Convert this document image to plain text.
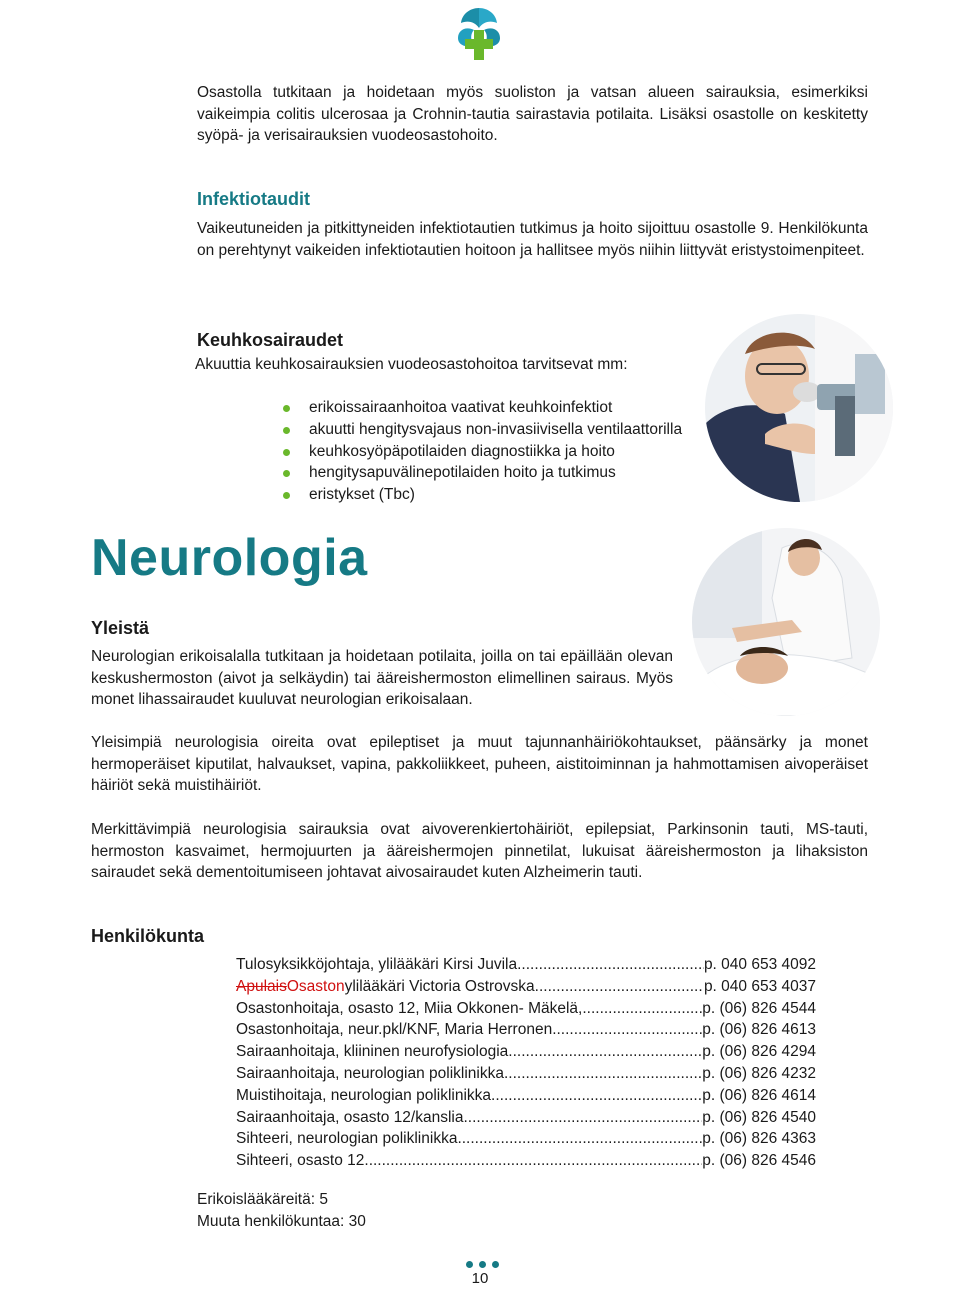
Osastolla tutkitaan ja hoidetaan myös suoliston ja vatsan alueen sairauksia, esimerkiksi vaikeimpia colitis ulcerosaa ja Crohnin-tautia sairastavia potilaita. Lisäksi osastolle on keskitetty syöpä- ja verisairauksien vuodeosastohoito.

Infektiotaudit

Vaikeutuneiden ja pitkittyneiden infektiotautien tutkimus ja hoito sijoittuu osastolle 9. Henkilökunta on perehtynyt vaikeiden infektiotautien hoitoon ja hallitsee myös niihin liittyvät eristystoimenpiteet.

Keuhkosairaudet
Akuuttia keuhkosairauksien vuodeosastohoitoa tarvitsevat mm:
erikoissairaanhoitoa vaativat keuhkoinfektiot
akuutti hengitysvajaus non-invasiivisella ventilaattorilla
keuhkosyöpäpotilaiden diagnostiikka ja hoito
hengitysapuvälinepotilaiden hoito ja tutkimus
eristykset (Tbc)
Neurologia
Yleistä

Neurologian erikoisalalla tutkitaan ja hoidetaan potilaita, joilla on tai epäillään olevan keskushermoston (aivot ja selkäydin) tai ääreishermoston elimellinen sairaus. Myös monet lihassairaudet kuuluvat neurologian erikoisalaan.

Yleisimpiä neurologisia oireita ovat epileptiset ja muut tajunnanhäiriökohtaukset, päänsärky ja monet hermoperäiset kiputilat, halvaukset, vapina, pakkoliikkeet, puheen, aistitoiminnan ja hahmottamisen aivoperäiset häiriöt sekä muistihäiriöt.

Merkittävimpiä neurologisia sairauksia ovat aivoverenkiertohäiriöt, epilepsiat, Parkinsonin tauti, MS-tauti, hermoston kasvaimet, hermojuurten ja ääreishermojen pinnetilat, lukuisat ääreishermoston ja lihaksiston sairaudet sekä dementoitumiseen johtavat aivosairaudet kuten Alzheimerin tauti.

Henkilökunta
Tulosyksikköjohtaja, ylilääkäri Kirsi Juvila .....	p. 040 653 4092
ApulaisOsastonylilääkäri Victoria Ostrovska .....	p. 040 653 4037
Osastonhoitaja, osasto 12, Miia Okkonen- Mäkelä, .....	p. (06) 826 4544
Osastonhoitaja, neur.pkl/KNF, Maria Herronen .....	p. (06) 826 4613
Sairaanhoitaja, kliininen neurofysiologia .....	p. (06) 826 4294
Sairaanhoitaja, neurologian poliklinikka .....	p. (06) 826 4232
Muistihoitaja, neurologian poliklinikka .....	p. (06) 826 4614
Sairaanhoitaja, osasto 12/kanslia .....	p. (06) 826 4540
Sihteeri, neurologian poliklinikka .....	p. (06) 826 4363
Sihteeri, osasto 12 .....	p. (06) 826 4546
Erikoislääkäreitä: 5
Muuta henkilökuntaa: 30
10
